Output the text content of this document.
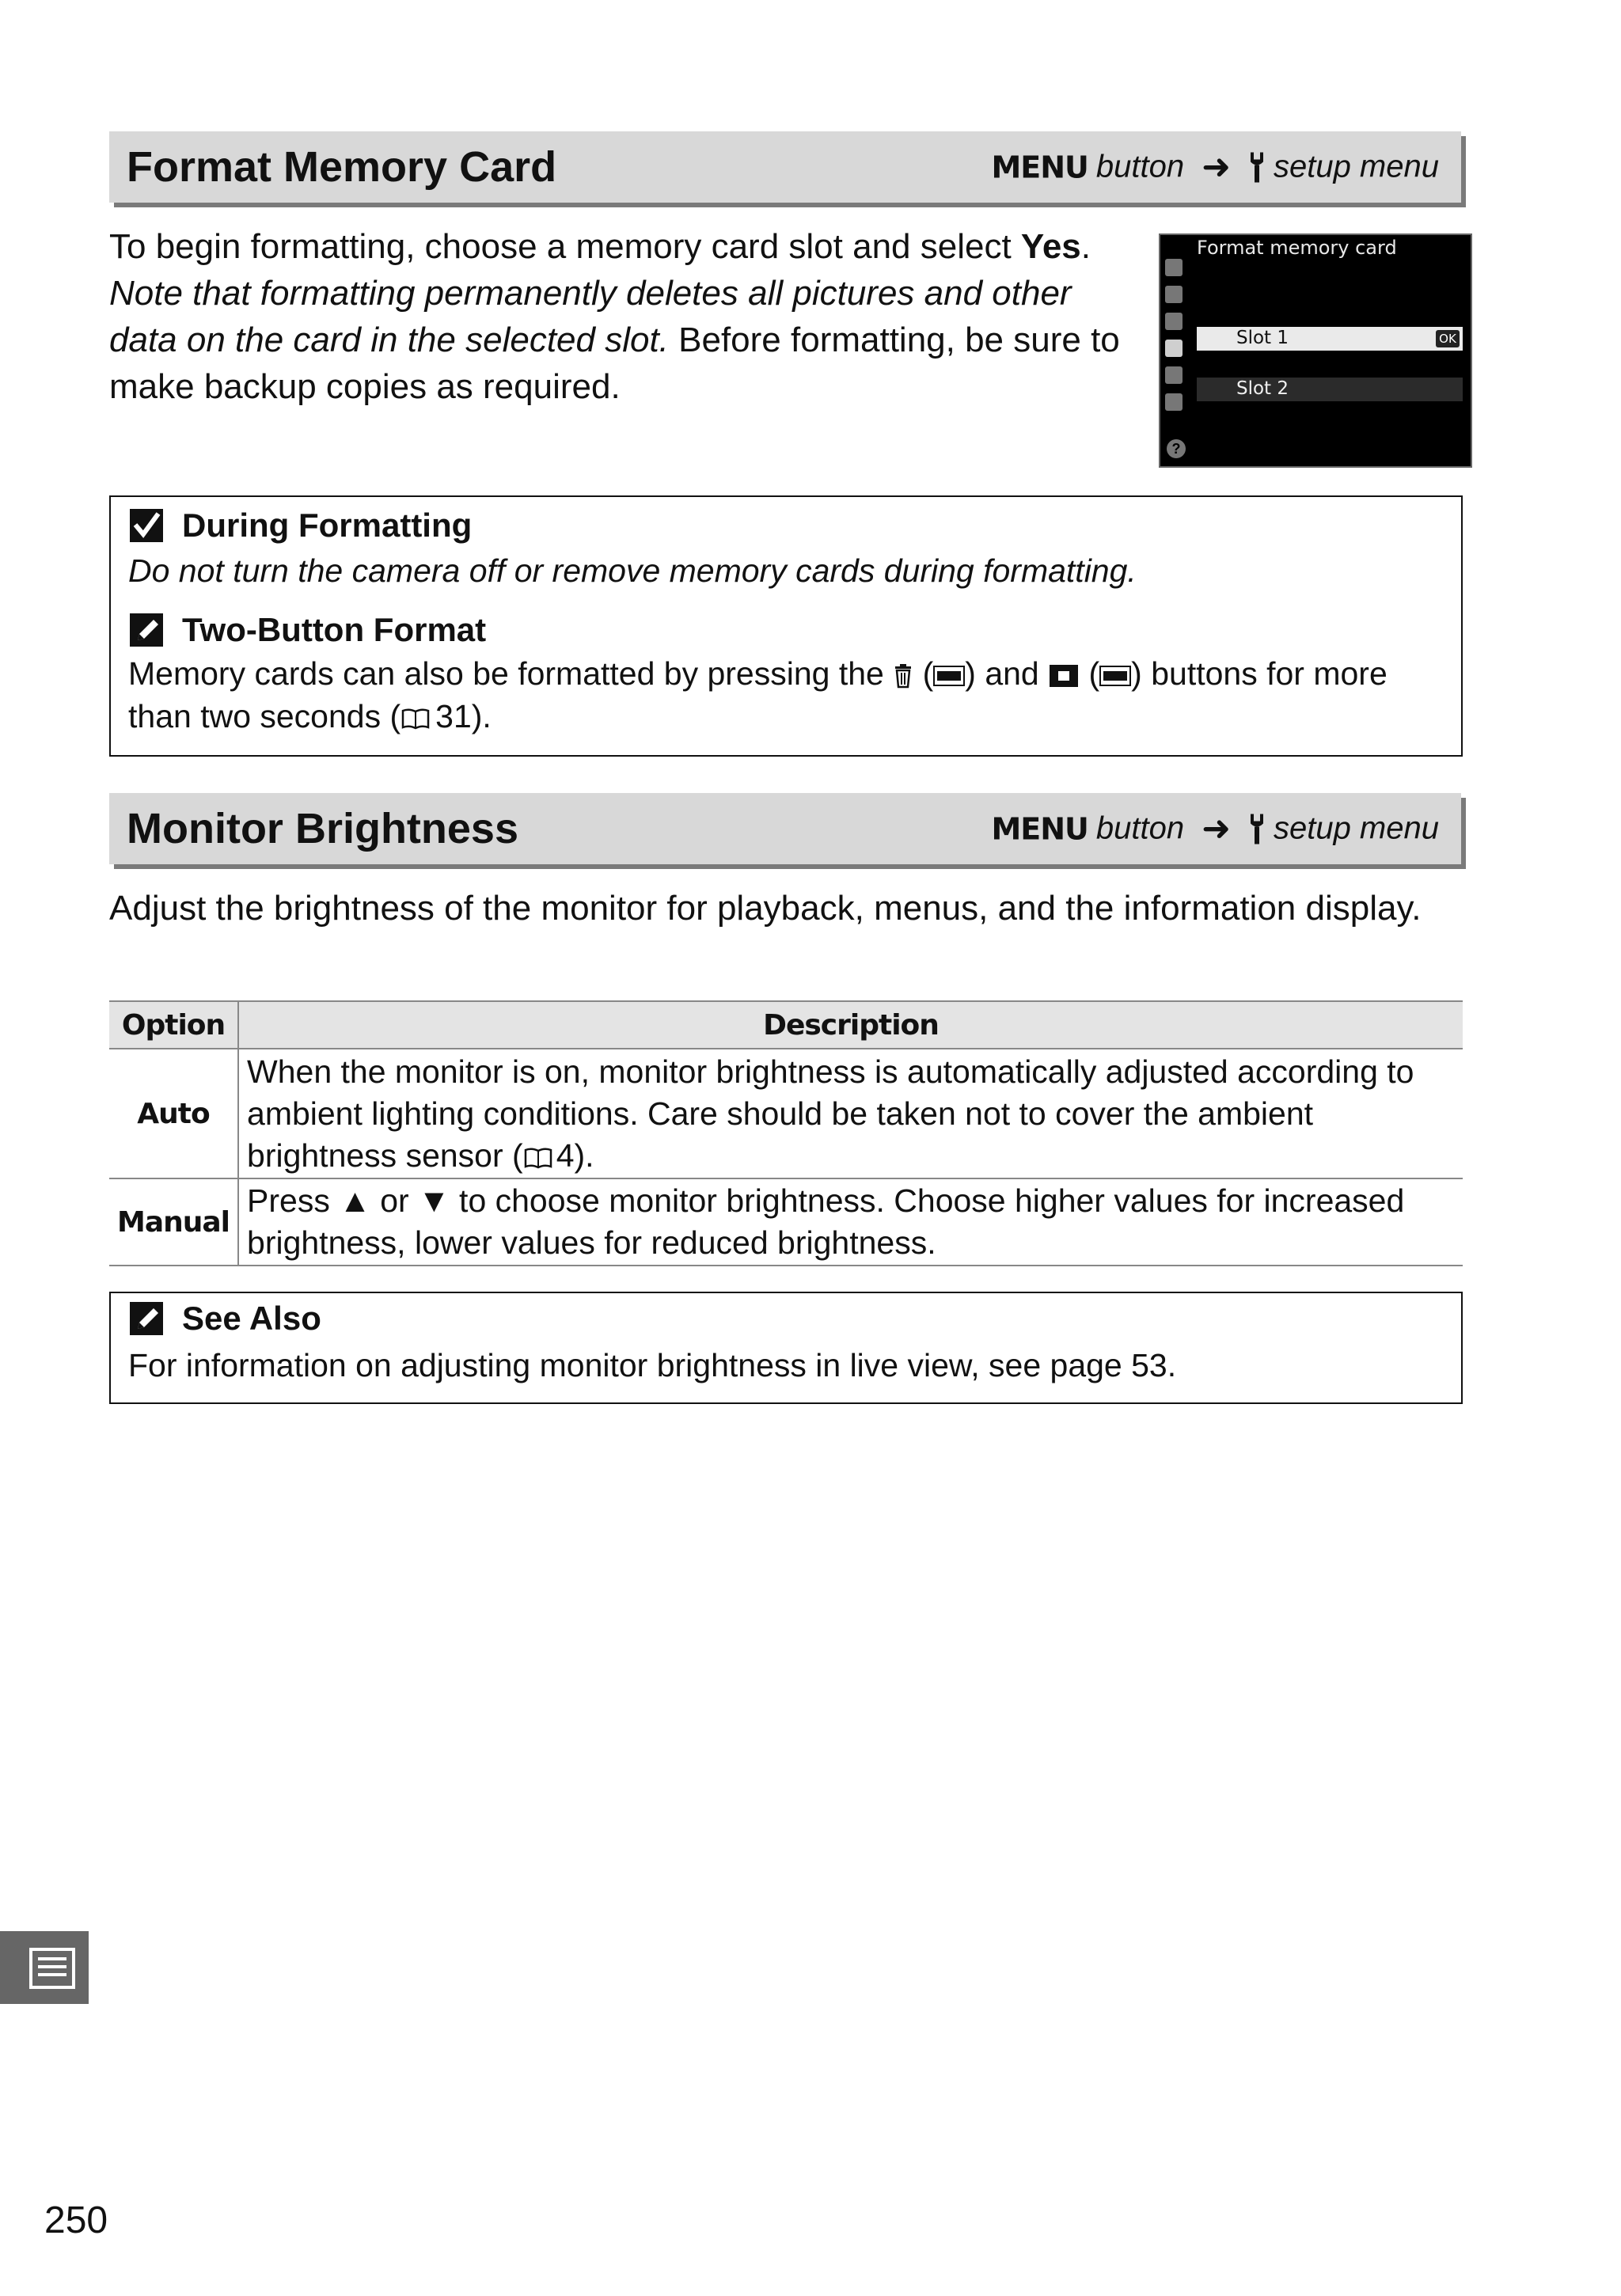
Format Memory Card	MENU button ➜ setup menu
To begin formatting, choose a memory card slot and select Yes. Note that formatting permanently deletes all pictures and other data on the card in the selected slot. Before formatting, be sure to make backup copies as required.
Format memory card
Slot 1	OK
Slot 2
?
During Formatting
Do not turn the camera off or remove memory cards during formatting.
Two-Button Format
Memory cards can also be formatted by pressing the  ( ) and  ( ) buttons for more than two seconds ( 31).
Monitor Brightness	MENU button ➜ setup menu
Adjust the brightness of the monitor for playback, menus, and the information display.
Option	Description
Auto	When the monitor is on, monitor brightness is automatically adjusted according to ambient lighting conditions. Care should be taken not to cover the ambient brightness sensor ( 4).
Manual	Press ▲ or ▼ to choose monitor brightness. Choose higher values for increased brightness, lower values for reduced brightness.
See Also
For information on adjusting monitor brightness in live view, see page 53.
250
